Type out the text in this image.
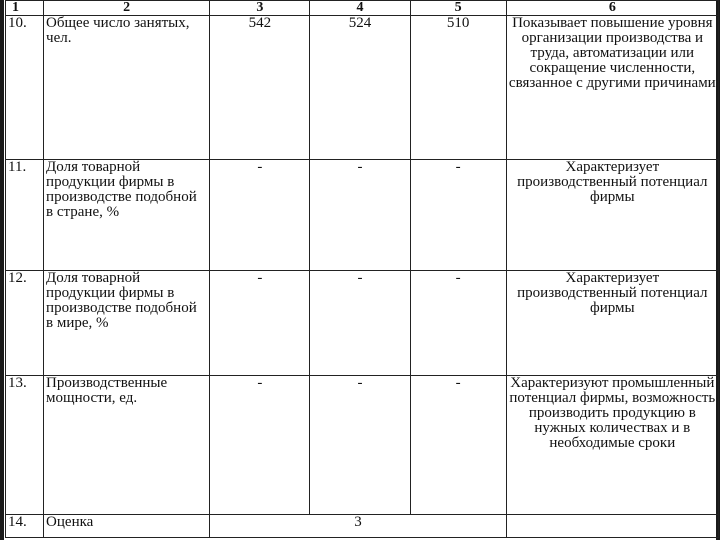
1	2	3	4	5	6
10.	Общее число занятых, чел.	542	524	510	Показывает повышение уровня организации производства и труда, автоматизации или сокращение численности, связанное с другими причинами
11.	Доля товарной продукции фирмы в производстве подобной в стране, %	-	-	-	Характеризует производственный потенциал фирмы
12.	Доля товарной продукции фирмы в производстве подобной в мире, %	-	-	-	Характеризует производственный потенциал фирмы
13.	Производственные мощности, ед.	-	-	-	Характеризуют промышленный потенциал фирмы, возможность производить продукцию в нужных количествах и в необходимые сроки
14.	Оценка	3			
